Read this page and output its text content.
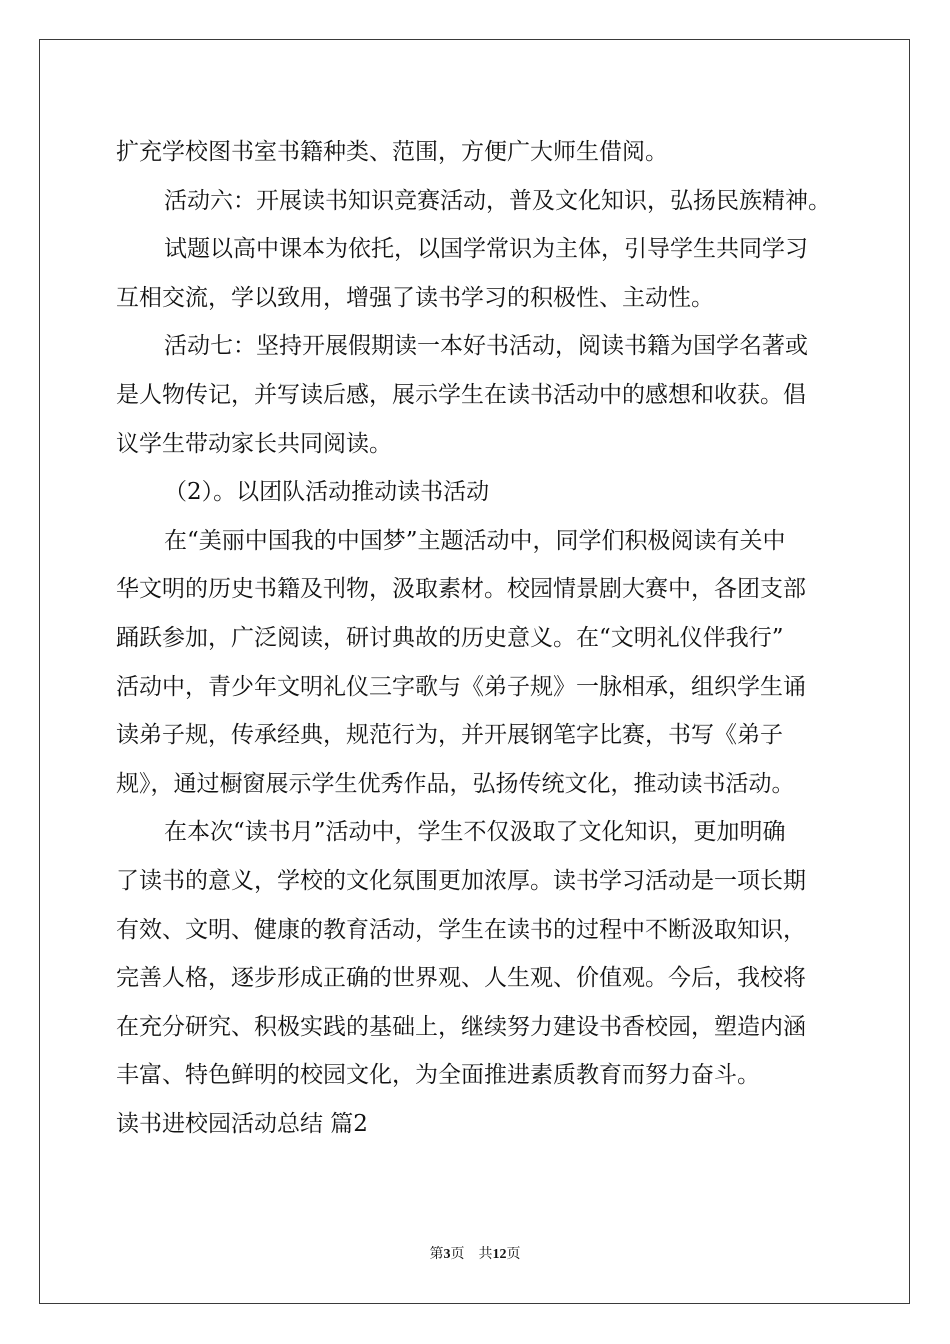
扩充学校图书室书籍种类、范围，方便广大师生借阅。
活动六：开展读书知识竞赛活动，普及文化知识，弘扬民族精神。
试题以高中课本为依托，以国学常识为主体，引导学生共同学习
互相交流，学以致用，增强了读书学习的积极性、主动性。
活动七：坚持开展假期读一本好书活动，阅读书籍为国学名著或
是人物传记，并写读后感，展示学生在读书活动中的感想和收获。倡
议学生带动家长共同阅读。
（2）。以团队活动推动读书活动
在“美丽中国我的中国梦”主题活动中，同学们积极阅读有关中
华文明的历史书籍及刊物，汲取素材。校园情景剧大赛中，各团支部
踊跃参加，广泛阅读，研讨典故的历史意义。在“文明礼仪伴我行”
活动中，青少年文明礼仪三字歌与《弟子规》一脉相承，组织学生诵
读弟子规，传承经典，规范行为，并开展钢笔字比赛，书写《弟子
规》，通过橱窗展示学生优秀作品，弘扬传统文化，推动读书活动。
在本次“读书月”活动中，学生不仅汲取了文化知识，更加明确
了读书的意义，学校的文化氛围更加浓厚。读书学习活动是一项长期
有效、文明、健康的教育活动，学生在读书的过程中不断汲取知识，
完善人格，逐步形成正确的世界观、人生观、价值观。今后，我校将
在充分研究、积极实践的基础上，继续努力建设书香校园，塑造内涵
丰富、特色鲜明的校园文化，为全面推进素质教育而努力奋斗。
读书进校园活动总结 篇2
第3页 共12页
